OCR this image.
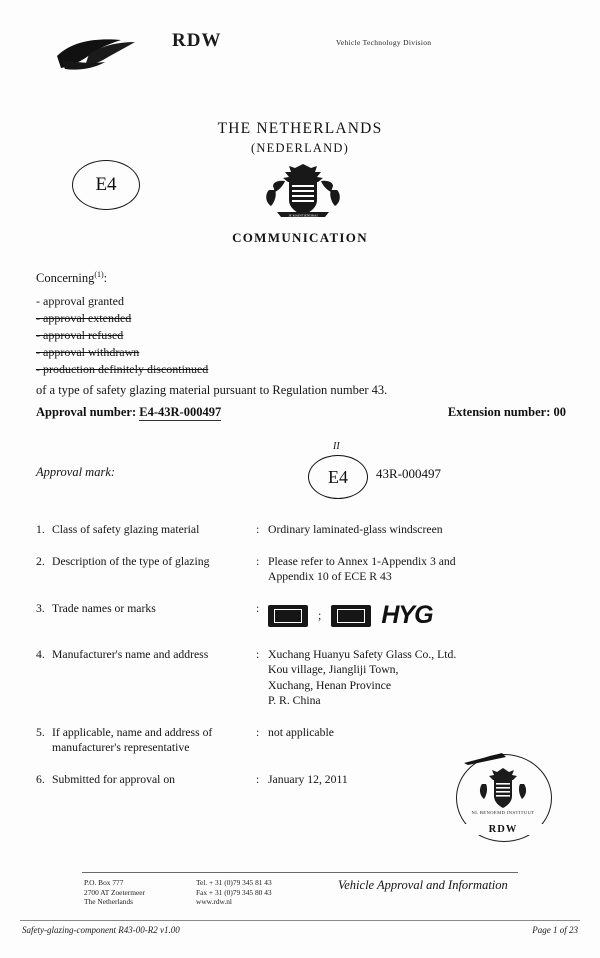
RDW	Vehicle Technology Division
THE NETHERLANDS
(NEDERLAND)
E4
JE MAINTIENDRAI
COMMUNICATION
Concerning$^{(1)}$:
- approval granted
- approval extended
- approval refused
- approval withdrawn
- production definitely discontinued
of a type of safety glazing material pursuant to Regulation number 43.
Approval number: E4-43R-000497	Extension number: 00
Approval mark:
II
E4	43R-000497
1. Class of safety glazing material	: Ordinary laminated-glass windscreen
2. Description of the type of glazing	: Please refer to Annex 1-Appendix 3 and
Appendix 10 of ECE R 43
3. Trade names or marks	:	; HYG
4. Manufacturer's name and address	: Xuchang Huanyu Safety Glass Co., Ltd.
Kou village, Jiangliji Town,
Xuchang, Henan Province
P. R. China
5. If applicable, name and address of
manufacturer's representative
: not applicable
6. Submitted for approval on	: January 12, 2011
NL BENOEMD INSTITUUT
RDW
P.O. Box 777
2700 AT Zoetermeer
The Netherlands
Tel. + 31 (0)79 345 81 43
Fax + 31 (0)79 345 80 43
www.rdw.nl
Vehicle Approval and Information
Safety-glazing-component R43-00-R2 v1.00	Page 1 of 23
